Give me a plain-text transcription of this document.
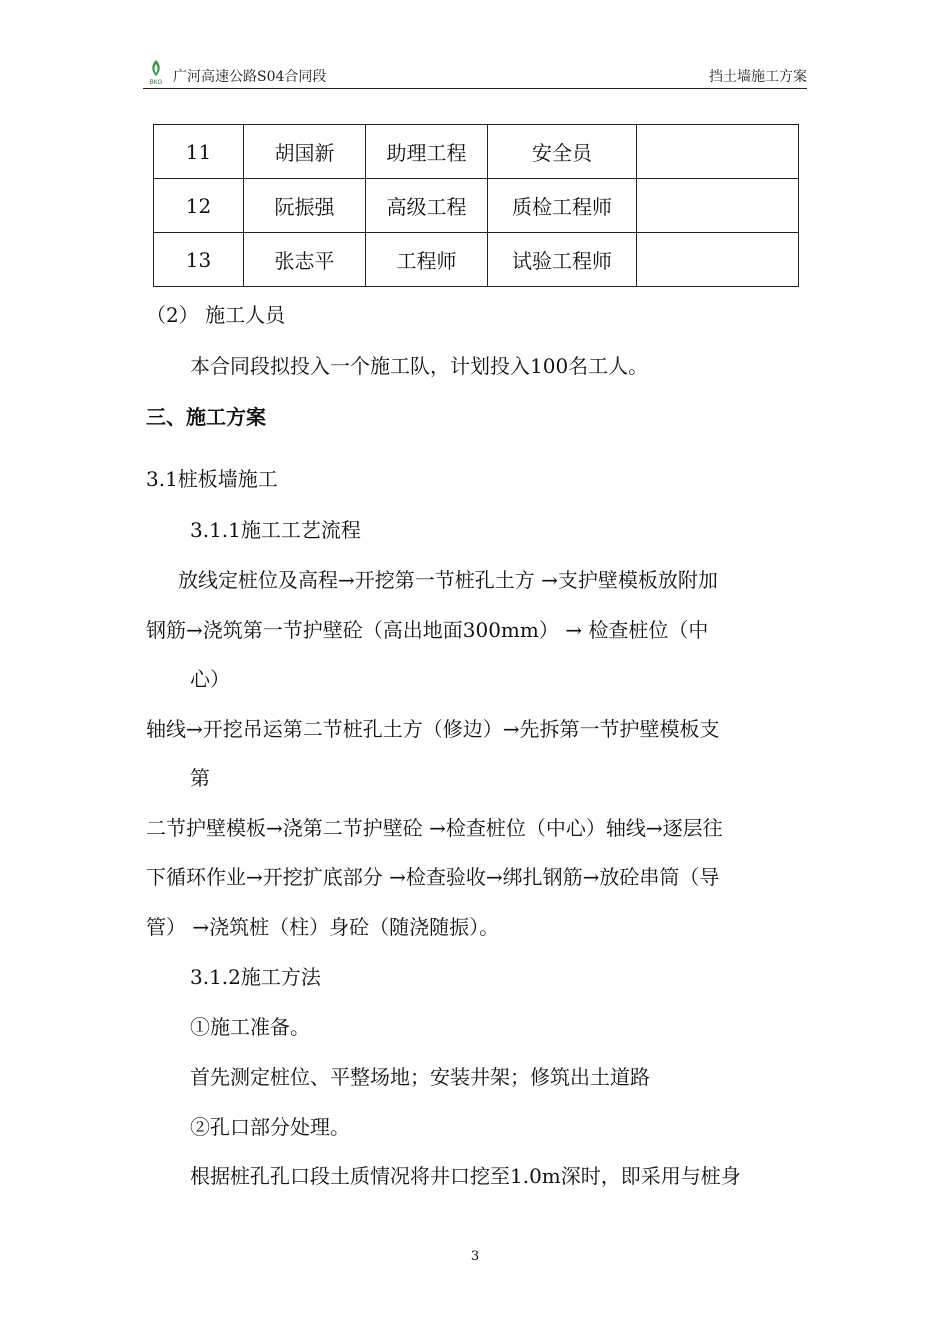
BKG 广河高速公路S04合同段	挡土墙施工方案
11	胡国新	助理工程	安全员	
12	阮振强	高级工程	质检工程师	
13	张志平	工程师	试验工程师	
（2） 施工人员
本合同段拟投入一个施工队，计划投入100名工人。
三、施工方案
3.1桩板墙施工
3.1.1施工工艺流程
放线定桩位及高程→开挖第一节桩孔土方 →支护壁模板放附加
钢筋→浇筑第一节护壁砼（高出地面300mm） → 检查桩位（中
心）
轴线→开挖吊运第二节桩孔土方（修边）→先拆第一节护壁模板支
第
二节护壁模板→浇第二节护壁砼 →检查桩位（中心）轴线→逐层往
下循环作业→开挖扩底部分 →检查验收→绑扎钢筋→放砼串筒（导
管） →浇筑桩（柱）身砼（随浇随振）。
3.1.2施工方法
①施工准备。
首先测定桩位、平整场地；安装井架；修筑出土道路
②孔口部分处理。
根据桩孔孔口段土质情况将井口挖至1.0m深时，即采用与桩身
3
